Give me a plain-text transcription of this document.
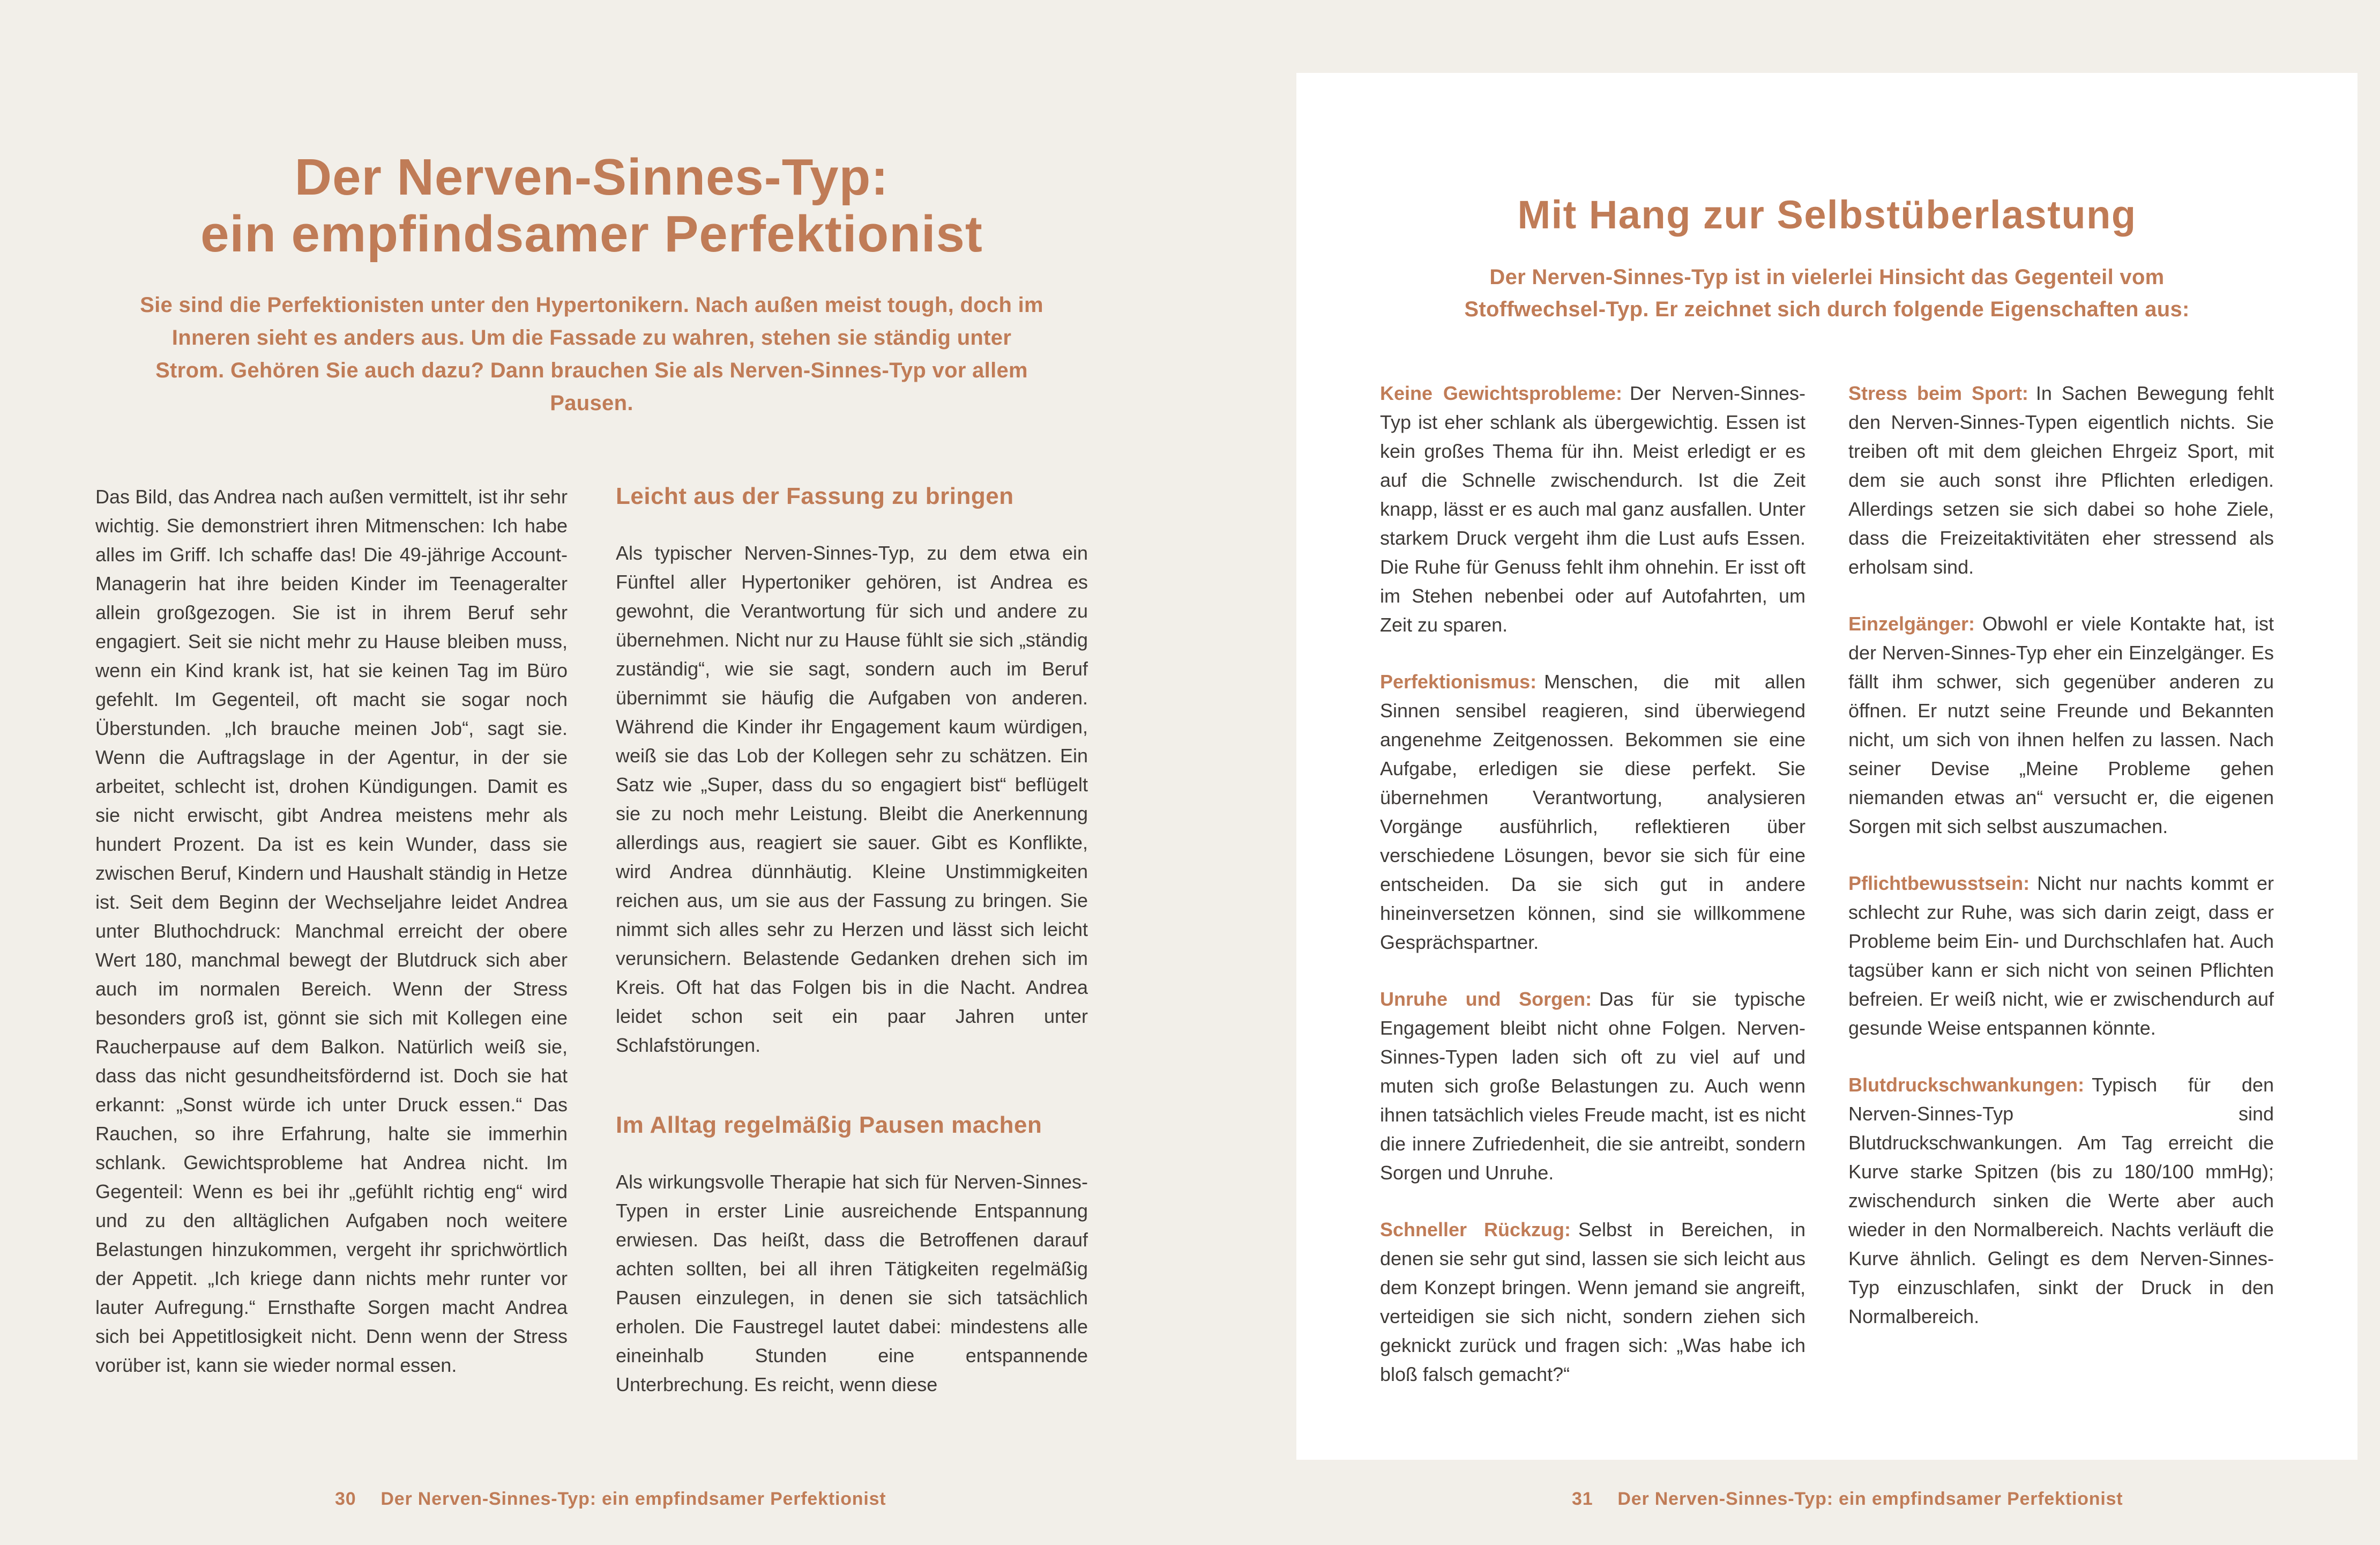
Der Nerven-Sinnes-Typ:
ein empfindsamer Perfektionist

Sie sind die Perfektionisten unter den Hypertonikern. Nach außen meist tough, doch im Inneren sieht es anders aus. Um die Fassade zu wahren, stehen sie ständig unter Strom. Gehören Sie auch dazu? Dann brauchen Sie als Nerven-Sinnes-Typ vor allem Pausen.

Das Bild, das Andrea nach außen vermittelt, ist ihr sehr wichtig. Sie demonstriert ihren Mitmenschen: Ich habe alles im Griff. Ich schaffe das! Die 49-jährige Account-Managerin hat ihre beiden Kinder im Teenageralter allein großgezogen. Sie ist in ihrem Beruf sehr engagiert. Seit sie nicht mehr zu Hause bleiben muss, wenn ein Kind krank ist, hat sie keinen Tag im Büro gefehlt. Im Gegenteil, oft macht sie sogar noch Überstunden. „Ich brauche meinen Job“, sagt sie. Wenn die Auftragslage in der Agentur, in der sie arbeitet, schlecht ist, drohen Kündigungen. Damit es sie nicht erwischt, gibt Andrea meistens mehr als hundert Prozent. Da ist es kein Wunder, dass sie zwischen Beruf, Kindern und Haushalt ständig in Hetze ist. Seit dem Beginn der Wechseljahre leidet Andrea unter Bluthochdruck: Manchmal erreicht der obere Wert 180, manchmal bewegt der Blutdruck sich aber auch im normalen Bereich. Wenn der Stress besonders groß ist, gönnt sie sich mit Kollegen eine Raucherpause auf dem Balkon. Natürlich weiß sie, dass das nicht gesundheitsfördernd ist. Doch sie hat erkannt: „Sonst würde ich unter Druck essen.“ Das Rauchen, so ihre Erfahrung, halte sie immerhin schlank. Gewichtsprobleme hat Andrea nicht. Im Gegenteil: Wenn es bei ihr „gefühlt richtig eng“ wird und zu den alltäglichen Aufgaben noch weitere Belastungen hinzukommen, vergeht ihr sprichwörtlich der Appetit. „Ich kriege dann nichts mehr runter vor lauter Aufregung.“ Ernsthafte Sorgen macht Andrea sich bei Appetitlosigkeit nicht. Denn wenn der Stress vorüber ist, kann sie wieder normal essen.

Leicht aus der Fassung zu bringen

Als typischer Nerven-Sinnes-Typ, zu dem etwa ein Fünftel aller Hypertoniker gehören, ist Andrea es gewohnt, die Verantwortung für sich und andere zu übernehmen. Nicht nur zu Hause fühlt sie sich „ständig zuständig“, wie sie sagt, sondern auch im Beruf übernimmt sie häufig die Aufgaben von anderen. Während die Kinder ihr Engagement kaum würdigen, weiß sie das Lob der Kollegen sehr zu schätzen. Ein Satz wie „Super, dass du so engagiert bist“ beflügelt sie zu noch mehr Leistung. Bleibt die Anerkennung allerdings aus, reagiert sie sauer. Gibt es Konflikte, wird Andrea dünnhäutig. Kleine Unstimmigkeiten reichen aus, um sie aus der Fassung zu bringen. Sie nimmt sich alles sehr zu Herzen und lässt sich leicht verunsichern. Belastende Gedanken drehen sich im Kreis. Oft hat das Folgen bis in die Nacht. Andrea leidet schon seit ein paar Jahren unter Schlafstörungen.

Im Alltag regelmäßig Pausen machen

Als wirkungsvolle Therapie hat sich für Nerven-Sinnes-Typen in erster Linie ausreichende Entspannung erwiesen. Das heißt, dass die Betroffenen darauf achten sollten, bei all ihren Tätigkeiten regelmäßig Pausen einzulegen, in denen sie sich tatsächlich erholen. Die Faustregel lautet dabei: mindestens alle eineinhalb Stunden eine entspannende Unterbrechung. Es reicht, wenn diese

30 Der Nerven-Sinnes-Typ: ein empfindsamer Perfektionist
Mit Hang zur Selbstüberlastung

Der Nerven-Sinnes-Typ ist in vielerlei Hinsicht das Gegenteil vom Stoffwechsel-Typ. Er zeichnet sich durch folgende Eigenschaften aus:

Keine Gewichtsprobleme: Der Nerven-Sinnes-Typ ist eher schlank als übergewichtig. Essen ist kein großes Thema für ihn. Meist erledigt er es auf die Schnelle zwischendurch. Ist die Zeit knapp, lässt er es auch mal ganz ausfallen. Unter starkem Druck vergeht ihm die Lust aufs Essen. Die Ruhe für Genuss fehlt ihm ohnehin. Er isst oft im Stehen nebenbei oder auf Autofahrten, um Zeit zu sparen.

Perfektionismus: Menschen, die mit allen Sinnen sensibel reagieren, sind überwiegend angenehme Zeitgenossen. Bekommen sie eine Aufgabe, erledigen sie diese perfekt. Sie übernehmen Verantwortung, analysieren Vorgänge ausführlich, reflektieren über verschiedene Lösungen, bevor sie sich für eine entscheiden. Da sie sich gut in andere hineinversetzen können, sind sie willkommene Gesprächspartner.

Unruhe und Sorgen: Das für sie typische Engagement bleibt nicht ohne Folgen. Nerven-Sinnes-Typen laden sich oft zu viel auf und muten sich große Belastungen zu. Auch wenn ihnen tatsächlich vieles Freude macht, ist es nicht die innere Zufriedenheit, die sie antreibt, sondern Sorgen und Unruhe.

Schneller Rückzug: Selbst in Bereichen, in denen sie sehr gut sind, lassen sie sich leicht aus dem Konzept bringen. Wenn jemand sie angreift, verteidigen sie sich nicht, sondern ziehen sich geknickt zurück und fragen sich: „Was habe ich bloß falsch gemacht?“

Stress beim Sport: In Sachen Bewegung fehlt den Nerven-Sinnes-Typen eigentlich nichts. Sie treiben oft mit dem gleichen Ehrgeiz Sport, mit dem sie auch sonst ihre Pflichten erledigen. Allerdings setzen sie sich dabei so hohe Ziele, dass die Freizeitaktivitäten eher stressend als erholsam sind.

Einzelgänger: Obwohl er viele Kontakte hat, ist der Nerven-Sinnes-Typ eher ein Einzelgänger. Es fällt ihm schwer, sich gegenüber anderen zu öffnen. Er nutzt seine Freunde und Bekannten nicht, um sich von ihnen helfen zu lassen. Nach seiner Devise „Meine Probleme gehen niemanden etwas an“ versucht er, die eigenen Sorgen mit sich selbst auszumachen.

Pflichtbewusstsein: Nicht nur nachts kommt er schlecht zur Ruhe, was sich darin zeigt, dass er Probleme beim Ein- und Durchschlafen hat. Auch tagsüber kann er sich nicht von seinen Pflichten befreien. Er weiß nicht, wie er zwischendurch auf gesunde Weise entspannen könnte.

Blutdruckschwankungen: Typisch für den Nerven-Sinnes-Typ sind Blutdruckschwankungen. Am Tag erreicht die Kurve starke Spitzen (bis zu 180/100 mmHg); zwischendurch sinken die Werte aber auch wieder in den Normalbereich. Nachts verläuft die Kurve ähnlich. Gelingt es dem Nerven-Sinnes-Typ einzuschlafen, sinkt der Druck in den Normalbereich.

31 Der Nerven-Sinnes-Typ: ein empfindsamer Perfektionist
